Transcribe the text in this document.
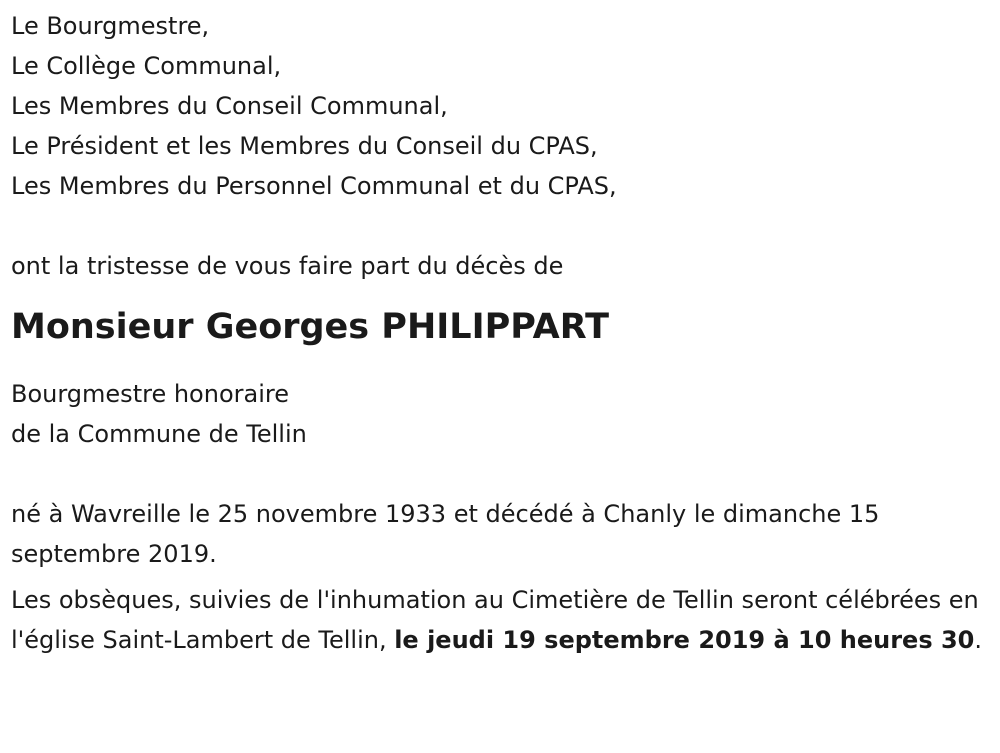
Le Bourgmestre,

Le Collège Communal,

Les Membres du Conseil Communal,

Le Président et les Membres du Conseil du CPAS,

Les Membres du Personnel Communal et du CPAS,

ont la tristesse de vous faire part du décès de

Monsieur Georges PHILIPPART

Bourgmestre honoraire

de la Commune de Tellin

né à Wavreille le 25 novembre 1933 et décédé à Chanly le dimanche 15 septembre 2019.

Les obsèques, suivies de l'inhumation au Cimetière de Tellin seront célébrées en l'église Saint-Lambert de Tellin, le jeudi 19 septembre 2019 à 10 heures 30.
